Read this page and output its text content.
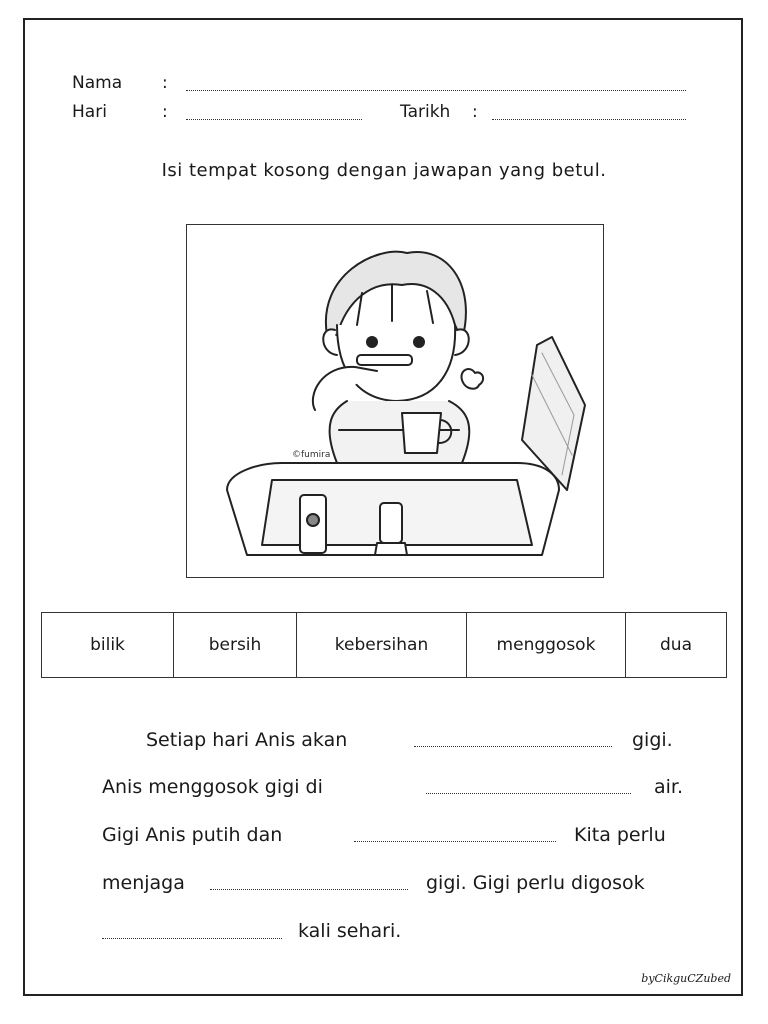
Nama :
Hari	:	Tarikh :
Isi tempat kosong dengan jawapan yang betul.
©fumira
bilik	bersih	kebersihan	menggosok	dua
Setiap hari Anis akan	gigi.
Anis menggosok gigi di	air.
Gigi Anis putih dan	Kita perlu
menjaga	gigi. Gigi perlu digosok
kali sehari.
byCikguCZubed
